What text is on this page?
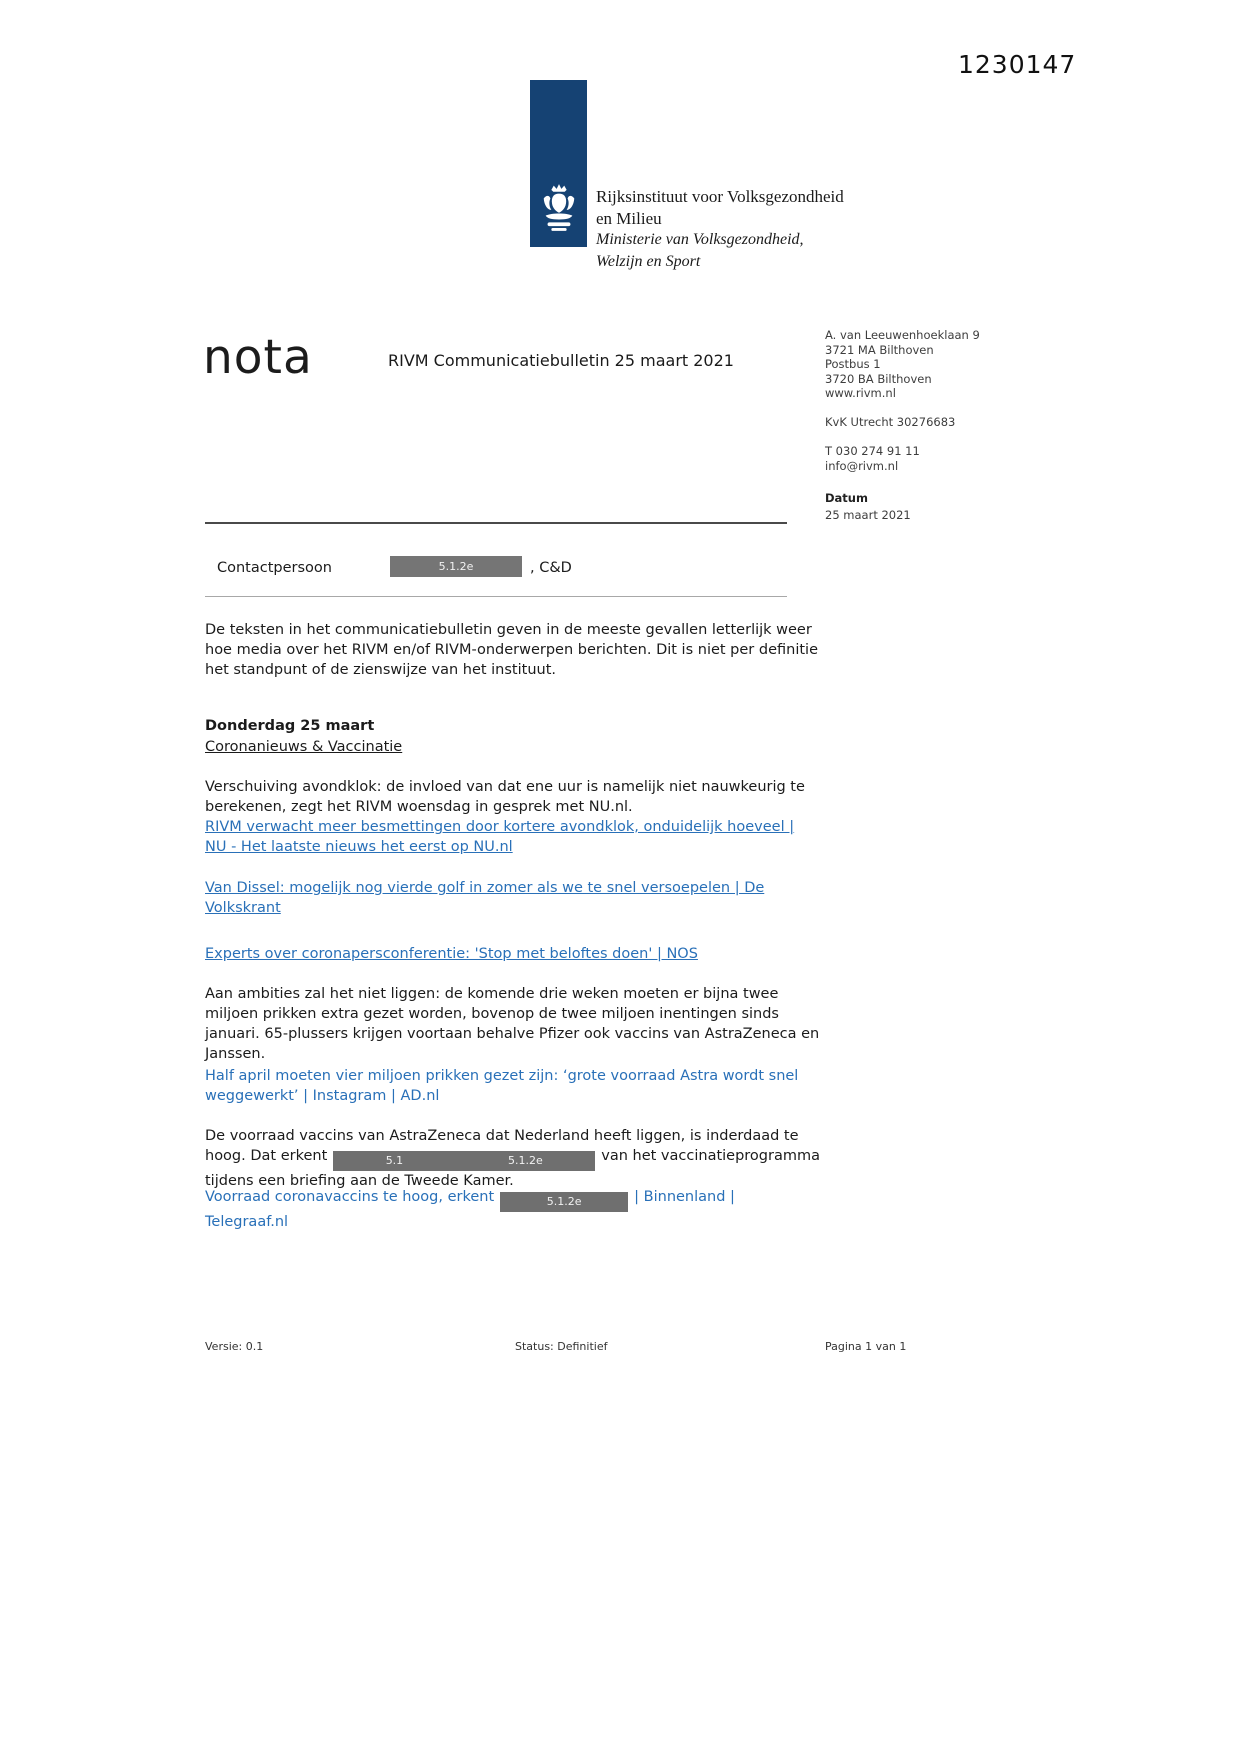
1230147
Rijksinstituut voor Volksgezondheid
en Milieu
Ministerie van Volksgezondheid,
Welzijn en Sport
nota	RIVM Communicatiebulletin 25 maart 2021
A. van Leeuwenhoeklaan 9
3721 MA Bilthoven
Postbus 1
3720 BA Bilthoven
www.rivm.nl
KvK Utrecht 30276683
T 030 274 91 11
info@rivm.nl
Datum
25 maart 2021
Contactpersoon	5.1.2e	, C&D
De teksten in het communicatiebulletin geven in de meeste gevallen letterlijk weer hoe media over het RIVM en/of RIVM-onderwerpen berichten. Dit is niet per definitie het standpunt of de zienswijze van het instituut.
Donderdag 25 maart
Coronanieuws & Vaccinatie
Verschuiving avondklok: de invloed van dat ene uur is namelijk niet nauwkeurig te berekenen, zegt het RIVM woensdag in gesprek met NU.nl.
RIVM verwacht meer besmettingen door kortere avondklok, onduidelijk hoeveel | NU - Het laatste nieuws het eerst op NU.nl
Van Dissel: mogelijk nog vierde golf in zomer als we te snel versoepelen | De Volkskrant
Experts over coronapersconferentie: 'Stop met beloftes doen' | NOS
Aan ambities zal het niet liggen: de komende drie weken moeten er bijna twee miljoen prikken extra gezet worden, bovenop de twee miljoen inentingen sinds januari. 65-plussers krijgen voortaan behalve Pfizer ook vaccins van AstraZeneca en Janssen.
Half april moeten vier miljoen prikken gezet zijn: ‘grote voorraad Astra wordt snel weggewerkt’ | Instagram | AD.nl
De voorraad vaccins van AstraZeneca dat Nederland heeft liggen, is inderdaad te hoog. Dat erkent	5.1	5.1.2e	van het vaccinatieprogramma tijdens een briefing aan de Tweede Kamer.
Voorraad coronavaccins te hoog, erkent	5.1.2e	| Binnenland | Telegraaf.nl
Versie: 0.1	Status: Definitief	Pagina 1 van 1
